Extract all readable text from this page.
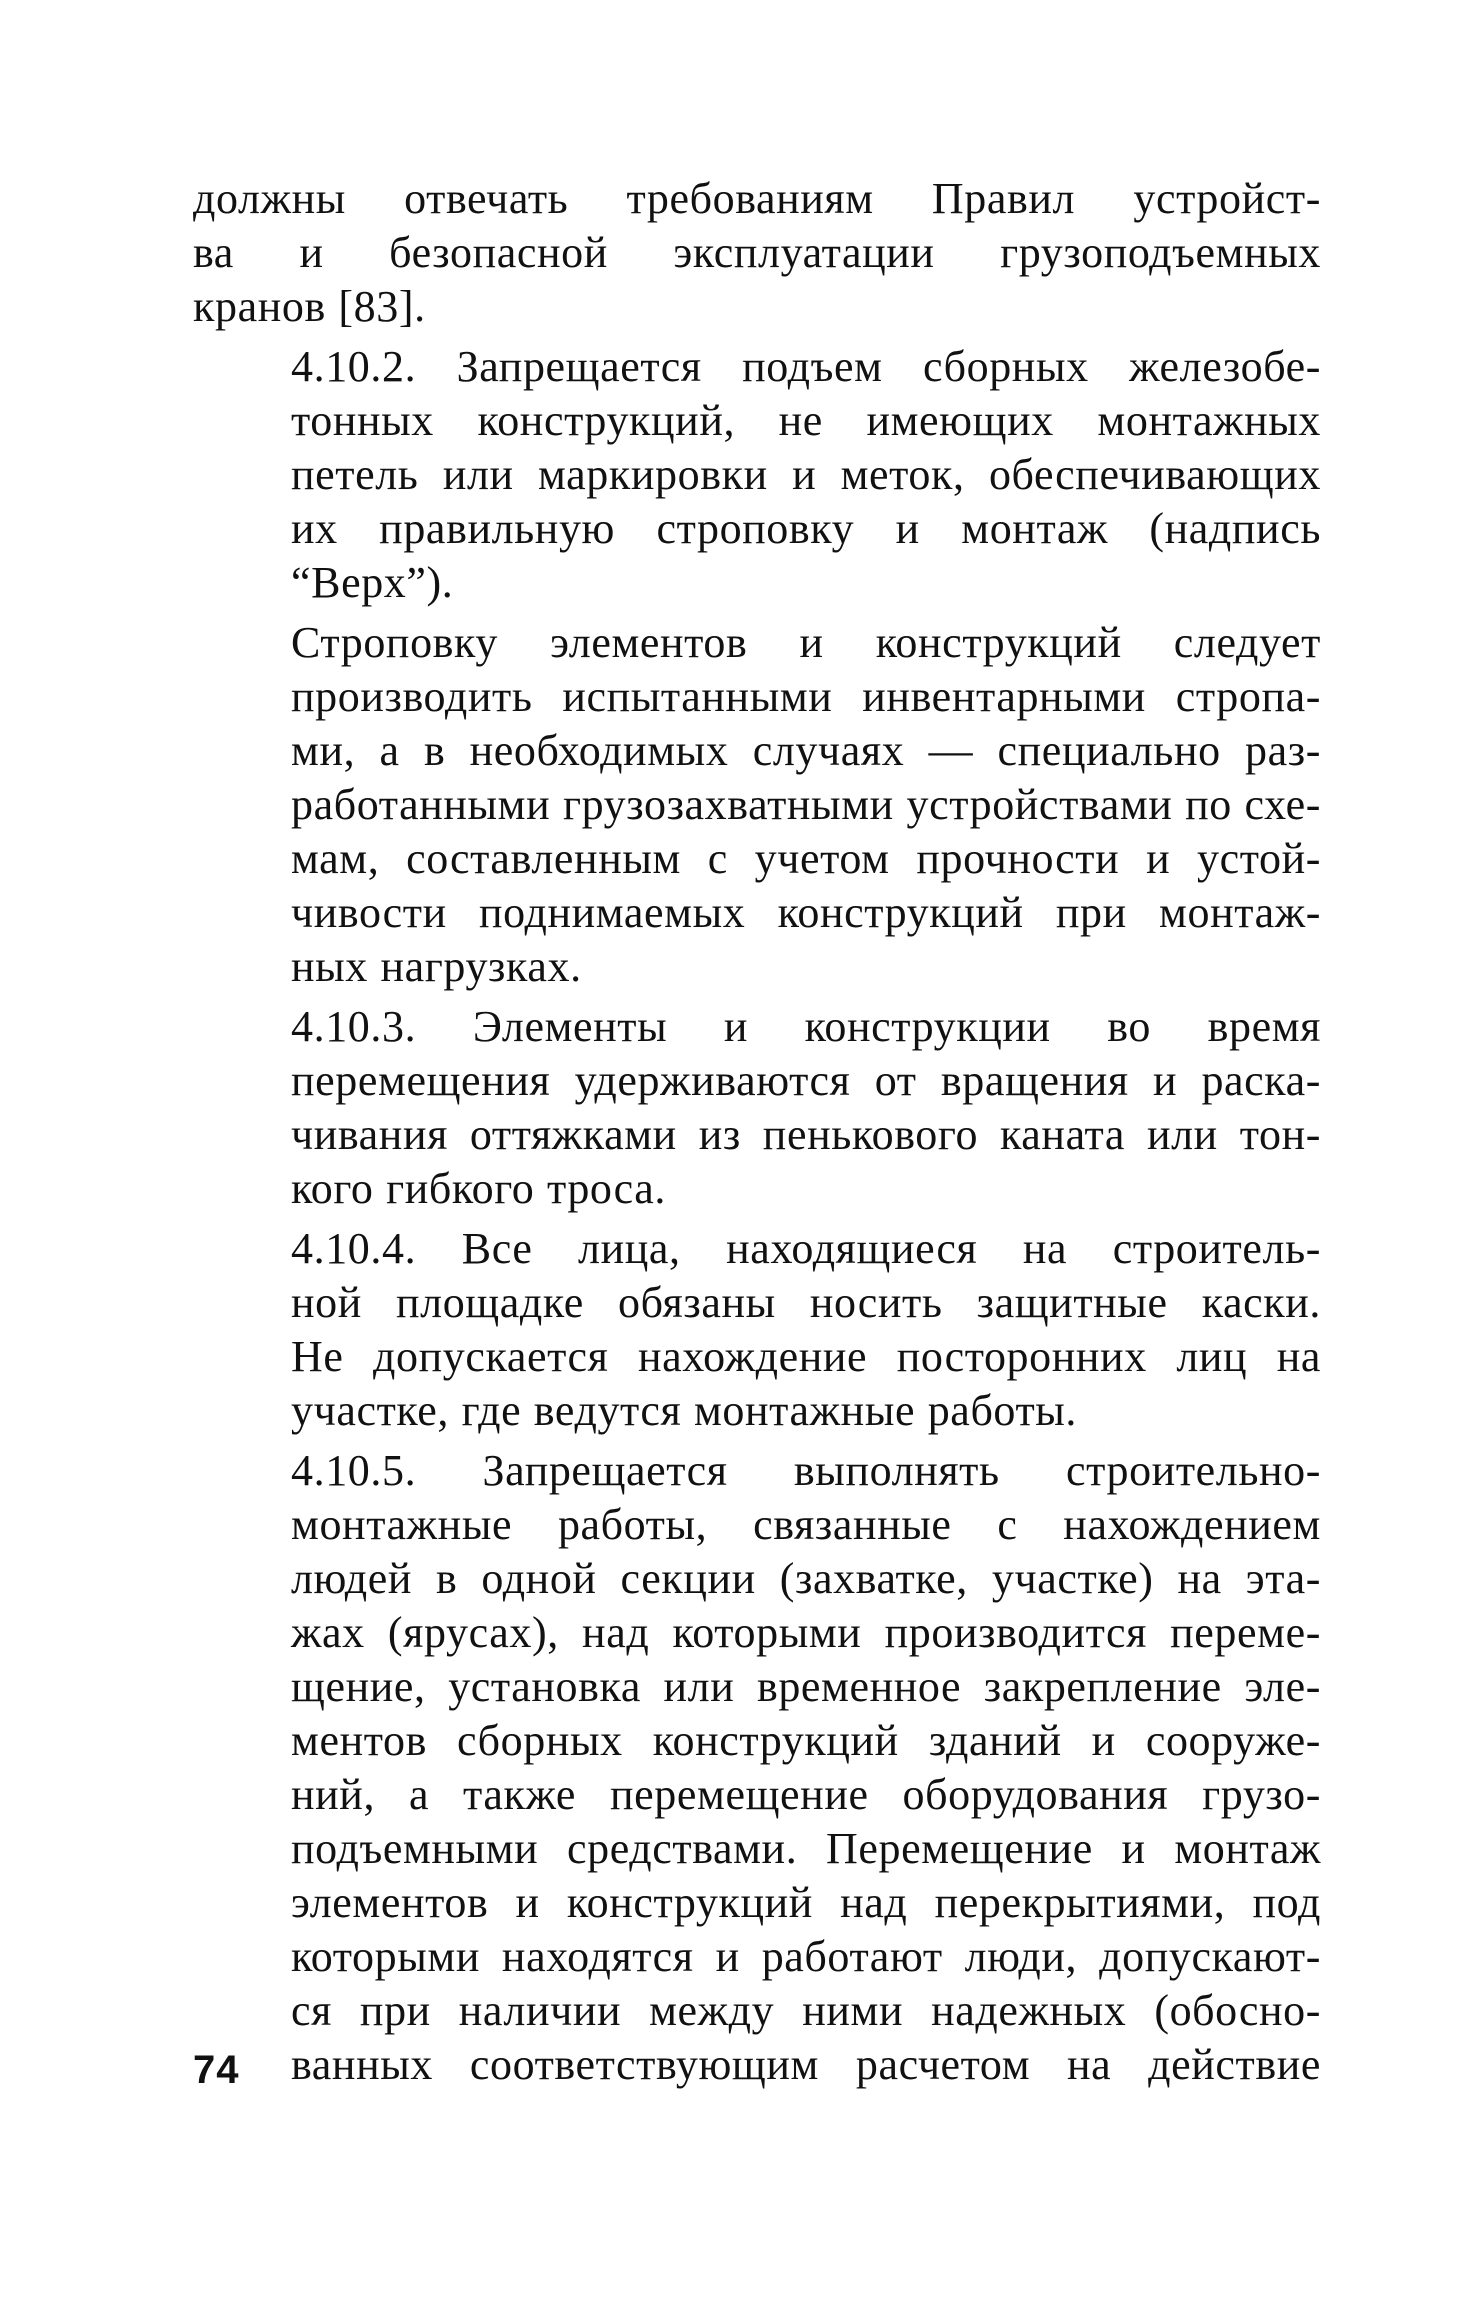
должны отвечать требованиям Правил устройст-
ва и безопасной эксплуатации грузоподъемных
кранов [83].

4.10.2. Запрещается подъем сборных железобе-
тонных конструкций, не имеющих монтажных
петель или маркировки и меток, обеспечивающих
их правильную строповку и монтаж (надпись
“Верх”).

Строповку элементов и конструкций следует
производить испытанными инвентарными стропа-
ми, а в необходимых случаях — специально раз-
работанными грузозахватными устройствами по схе-
мам, составленным с учетом прочности и устой-
чивости поднимаемых конструкций при монтаж-
ных нагрузках.

4.10.3. Элементы и конструкции во время
перемещения удерживаются от вращения и раска-
чивания оттяжками из пенькового каната или тон-
кого гибкого троса.

4.10.4. Все лица, находящиеся на строитель-
ной площадке обязаны носить защитные каски.
Не допускается нахождение посторонних лиц на
участке, где ведутся монтажные работы.

4.10.5. Запрещается выполнять строительно-
монтажные работы, связанные с нахождением
людей в одной секции (захватке, участке) на эта-
жах (ярусах), над которыми производится переме-
щение, установка или временное закрепление эле-
ментов сборных конструкций зданий и сооруже-
ний, а также перемещение оборудования грузо-
подъемными средствами. Перемещение и монтаж
элементов и конструкций над перекрытиями, под
которыми находятся и работают люди, допускают-
ся при наличии между ними надежных (обосно-
ванных соответствующим расчетом на действие

74
